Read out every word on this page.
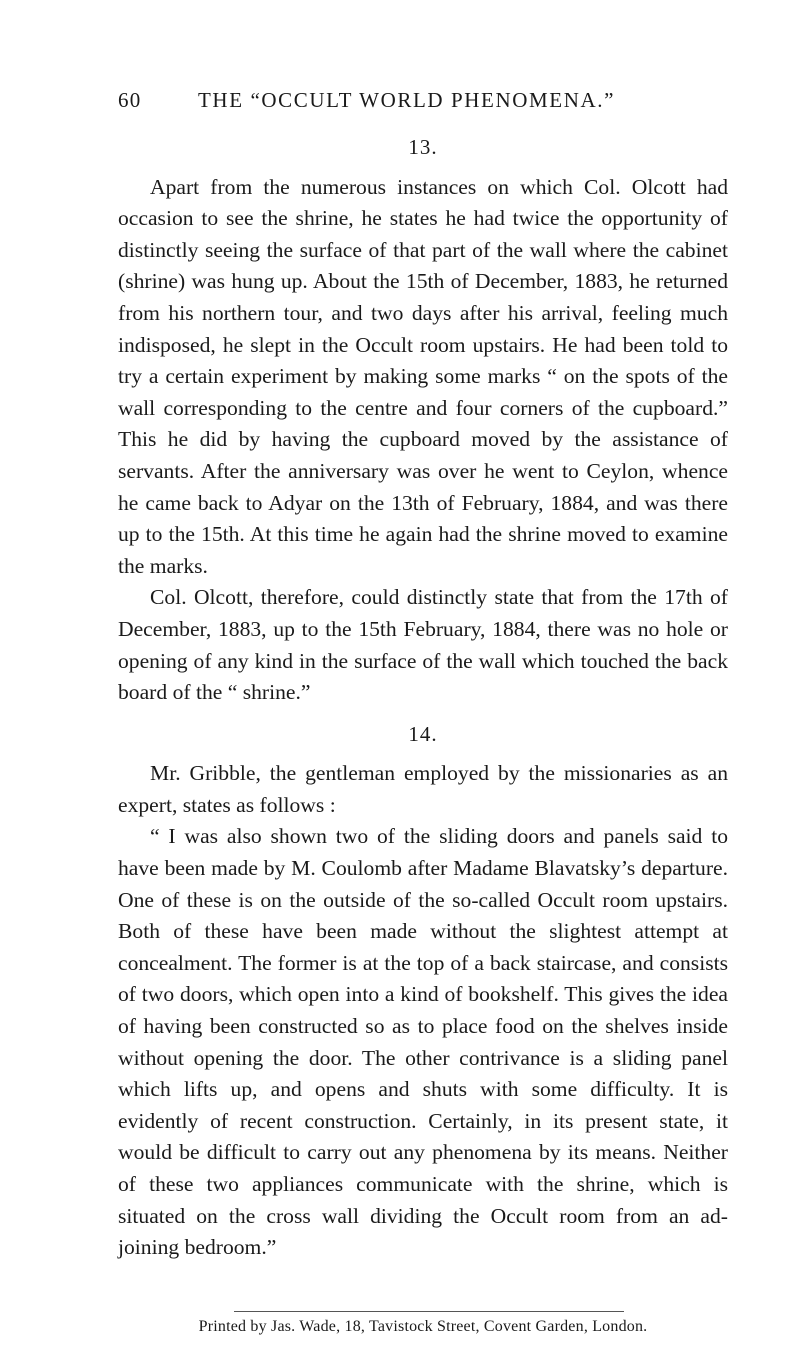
60	THE “OCCULT WORLD PHENOMENA.”
13.

Apart from the numerous instances on which Col. Olcott had occasion to see the shrine, he states he had twice the opportunity of distinctly seeing the surface of that part of the wall where the cabinet (shrine) was hung up. About the 15th of December, 1883, he returned from his northern tour, and two days after his arrival, feeling much indisposed, he slept in the Occult room upstairs. He had been told to try a certain experiment by making some marks “ on the spots of the wall corresponding to the centre and four corners of the cupboard.” This he did by having the cupboard moved by the assistance of servants. After the anniversary was over he went to Ceylon, whence he came back to Adyar on the 13th of February, 1884, and was there up to the 15th. At this time he again had the shrine moved to examine the marks.

Col. Olcott, therefore, could distinctly state that from the 17th of December, 1883, up to the 15th February, 1884, there was no hole or opening of any kind in the surface of the wall which touched the back board of the “ shrine.”

14.

Mr. Gribble, the gentleman employed by the missionaries as an expert, states as follows :

“ I was also shown two of the sliding doors and panels said to have been made by M. Coulomb after Madame Blavatsky’s departure. One of these is on the outside of the so-called Occult room upstairs. Both of these have been made without the slightest attempt at concealment. The former is at the top of a back staircase, and consists of two doors, which open into a kind of bookshelf. This gives the idea of having been constructed so as to place food on the shelves inside without opening the door. The other contrivance is a sliding panel which lifts up, and opens and shuts with some difficulty. It is evidently of recent construction. Certainly, in its present state, it would be difficult to carry out any phenomena by its means. Neither of these two appliances communicate with the shrine, which is situated on the cross wall dividing the Occult room from an ad- joining bedroom.”

Printed by Jas. Wade, 18, Tavistock Street, Covent Garden, London.
